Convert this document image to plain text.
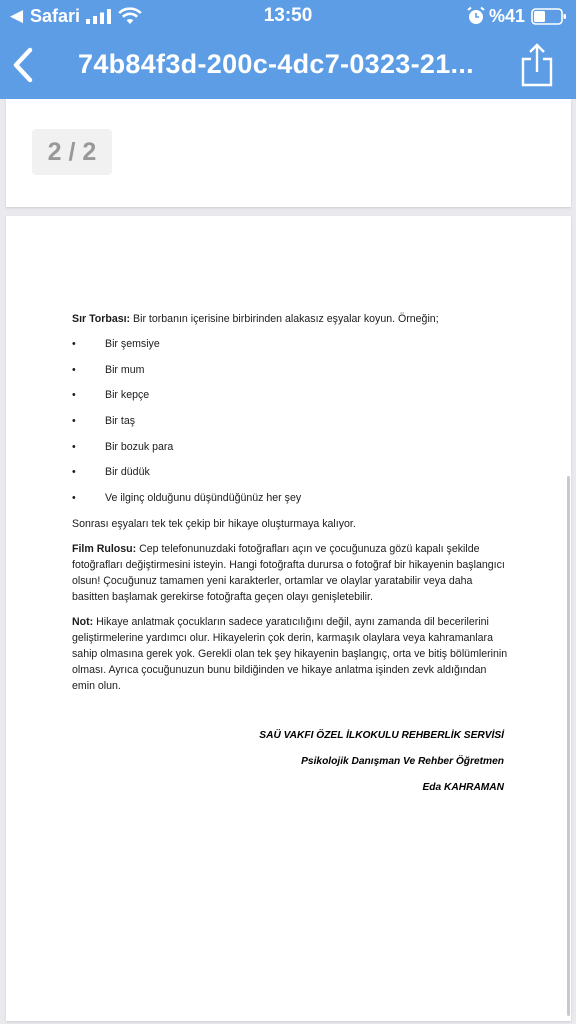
◀ Safari	13:50	%41
74b84f3d-200c-4dc7-0323-21...
2 / 2

Sır Torbası: Bir torbanın içerisine birbirinden alakasız eşyalar koyun. Örneğin;

•	Bir şemsiye
•	Bir mum
•	Bir kepçe
•	Bir taş
•	Bir bozuk para
•	Bir düdük
•	Ve ilginç olduğunu düşündüğünüz her şey

Sonrası eşyaları tek tek çekip bir hikaye oluşturmaya kalıyor.

Film Rulosu: Cep telefonunuzdaki fotoğrafları açın ve çocuğunuza gözü kapalı şekilde fotoğrafları değiştirmesini isteyin. Hangi fotoğrafta durursa o fotoğraf bir hikayenin başlangıcı olsun! Çocuğunuz tamamen yeni karakterler, ortamlar ve olaylar yaratabilir veya daha basitten başlamak gerekirse fotoğrafta geçen olayı genişletebilir.

Not: Hikaye anlatmak çocukların sadece yaratıcılığını değil, aynı zamanda dil becerilerini geliştirmelerine yardımcı olur. Hikayelerin çok derin, karmaşık olaylara veya kahramanlara sahip olmasına gerek yok. Gerekli olan tek şey hikayenin başlangıç, orta ve bitiş bölümlerinin olması. Ayrıca çocuğunuzun bunu bildiğinden ve hikaye anlatma işinden zevk aldığından emin olun.

SAÜ VAKFI ÖZEL İLKOKULU REHBERLİK SERVİSİ
Psikolojik Danışman Ve Rehber Öğretmen
Eda KAHRAMAN
